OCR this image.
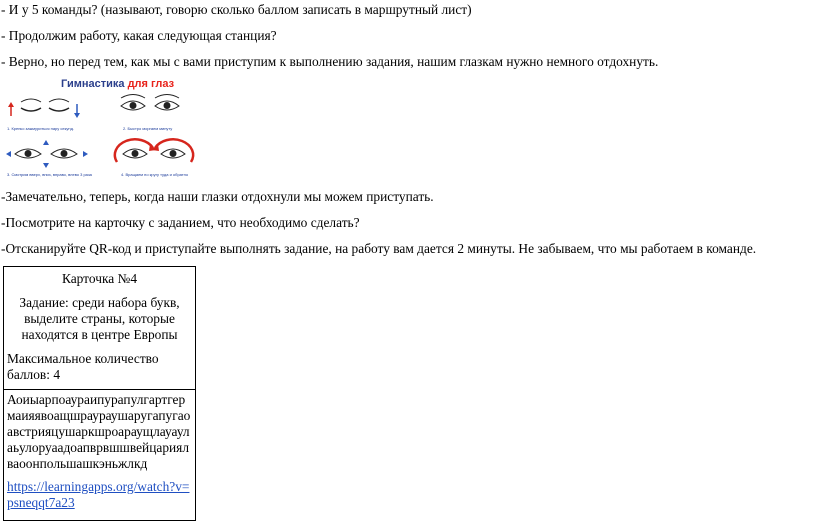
- И у 5 команды? (называют, говорю сколько баллом записать в маршрутный лист)
- Продолжим работу, какая следующая станция?
- Верно, но перед тем, как мы с вами приступим к выполнению задания, нашим глазкам нужно немного отдохнуть.
Гимнастика для глаз
1. Крепко зажмуриться пару секунд.	2. Быстро моргаем минуту
3. Смотрим вверх, вниз, вправо, влево 3 раза	4. Вращаем по кругу туда и обратно
-Замечательно, теперь, когда наши глазки отдохнули мы можем приступать.
-Посмотрите на карточку с заданием, что необходимо сделать?
-Отсканируйте QR-код и приступайте выполнять задание, на работу вам дается 2 минуты. Не забываем, что мы работаем в команде.
Карточка №4
Задание: среди набора букв, выделите страны, которые находятся в центре Европы
Максимальное количество баллов: 4

Аоиыарпоаураипурапулгартгермаияявоащшраураушаругапугаоавстрияцушаркшроараущлауаулаьулоруаадоапврвшшвейцариялваоонпольшашкэньжлкд
https://learningapps.org/watch?v=psneqqt7a23
